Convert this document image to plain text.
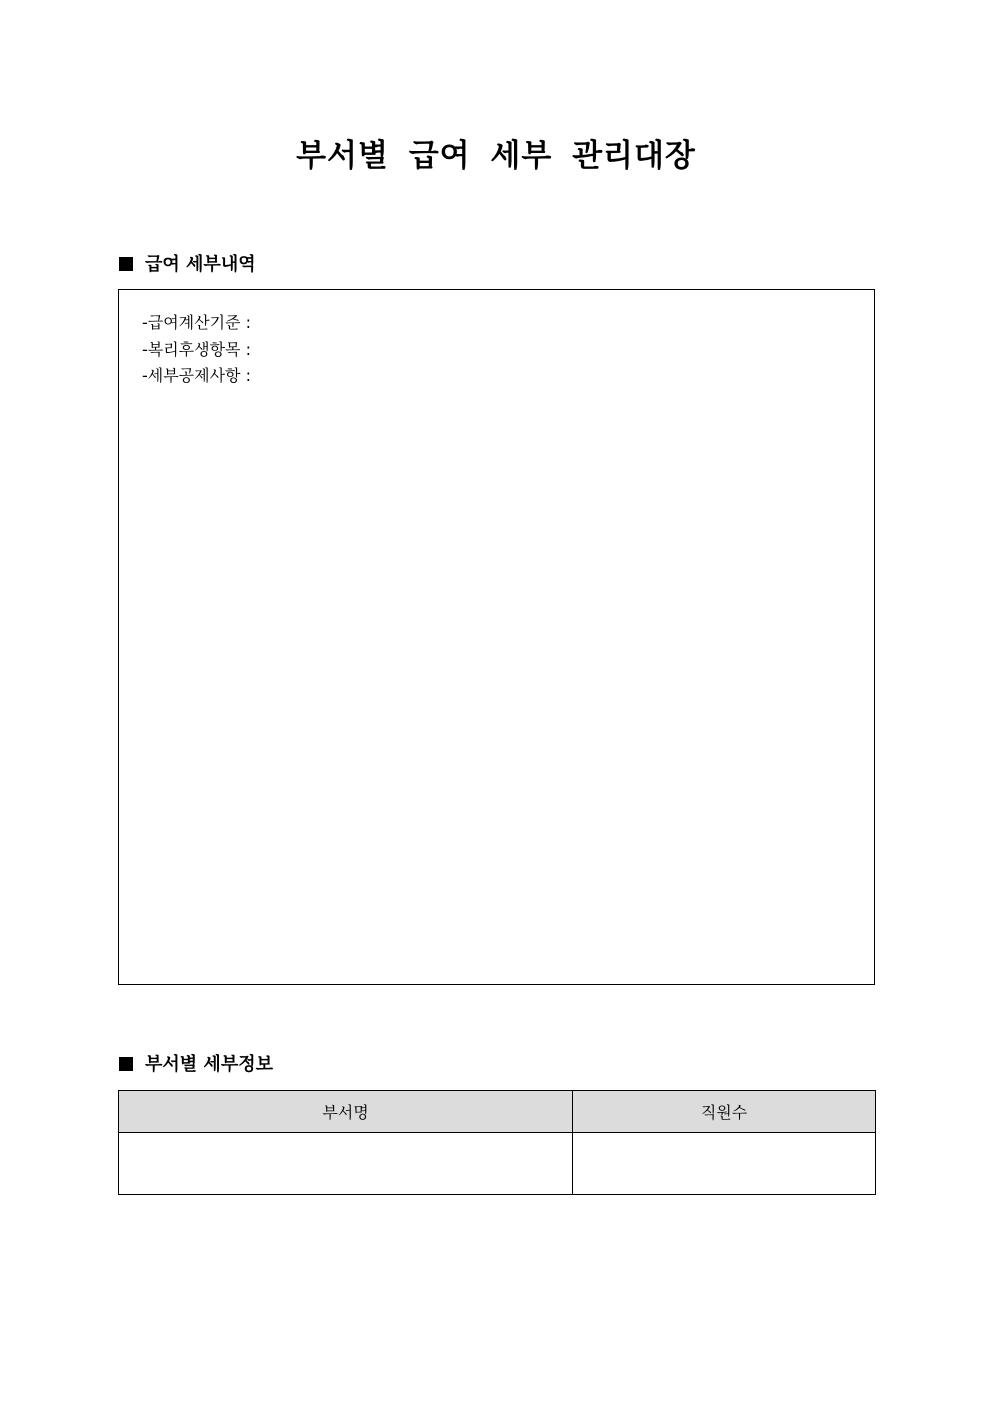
부서별 급여 세부 관리대장
급여 세부내역
-급여계산기준 :
-복리후생항목 :
-세부공제사항 :
부서별 세부정보
부서명	직원수
